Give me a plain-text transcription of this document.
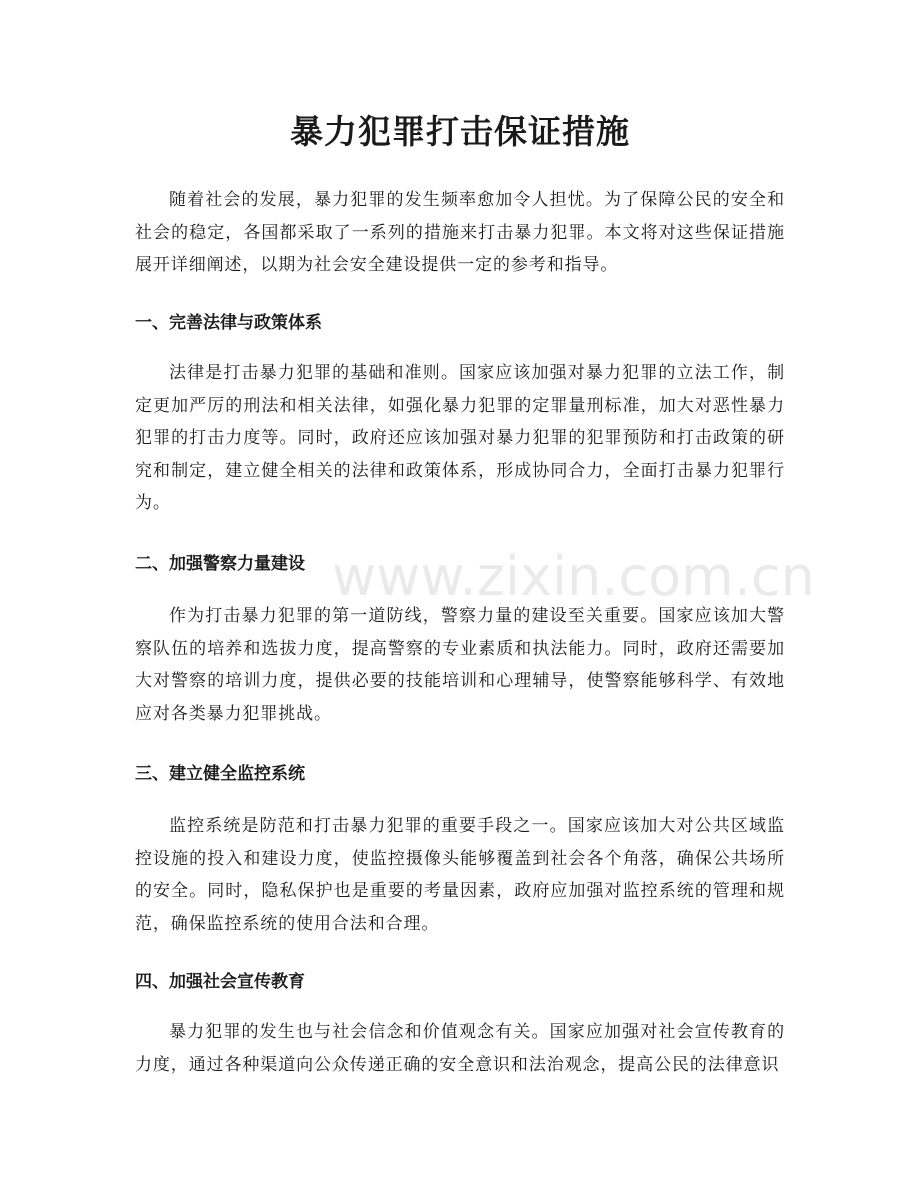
暴力犯罪打击保证措施

随着社会的发展，暴力犯罪的发生频率愈加令人担忧。为了保障公民的安全和社会的稳定，各国都采取了一系列的措施来打击暴力犯罪。本文将对这些保证措施展开详细阐述，以期为社会安全建设提供一定的参考和指导。

一、完善法律与政策体系

法律是打击暴力犯罪的基础和准则。国家应该加强对暴力犯罪的立法工作，制定更加严厉的刑法和相关法律，如强化暴力犯罪的定罪量刑标准，加大对恶性暴力犯罪的打击力度等。同时，政府还应该加强对暴力犯罪的犯罪预防和打击政策的研究和制定，建立健全相关的法律和政策体系，形成协同合力，全面打击暴力犯罪行为。

二、加强警察力量建设

作为打击暴力犯罪的第一道防线，警察力量的建设至关重要。国家应该加大警察队伍的培养和选拔力度，提高警察的专业素质和执法能力。同时，政府还需要加大对警察的培训力度，提供必要的技能培训和心理辅导，使警察能够科学、有效地应对各类暴力犯罪挑战。

三、建立健全监控系统

监控系统是防范和打击暴力犯罪的重要手段之一。国家应该加大对公共区域监控设施的投入和建设力度，使监控摄像头能够覆盖到社会各个角落，确保公共场所的安全。同时，隐私保护也是重要的考量因素，政府应加强对监控系统的管理和规范，确保监控系统的使用合法和合理。

四、加强社会宣传教育

暴力犯罪的发生也与社会信念和价值观念有关。国家应加强对社会宣传教育的力度，通过各种渠道向公众传递正确的安全意识和法治观念，提高公民的法律意识

www.zixin.com.cn
